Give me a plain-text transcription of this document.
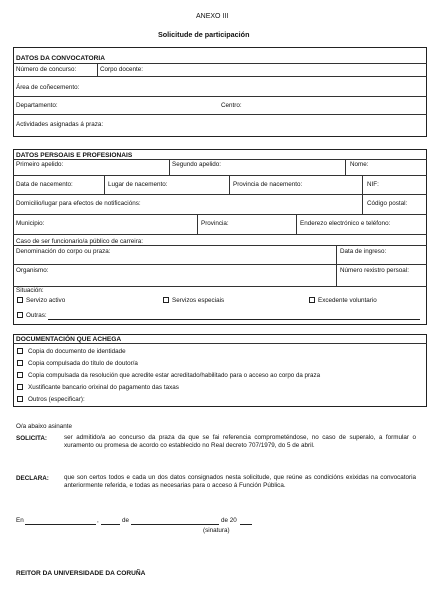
ANEXO III
Solicitude de participación
DATOS DA CONVOCATORIA
Número de concurso:	Corpo docente:
Área de coñecemento:
Departamento:	Centro:
Actividades asignadas á praza:
DATOS PERSOAIS E PROFESIONAIS
Primeiro apelido:	Segundo apelido:	Nome:
Data de nacemento:	Lugar de nacemento:	Provincia de nacemento:	NIF:
Domicilio/lugar para efectos de notificacións:	Código postal:
Municipio:	Provincia:	Enderezo electrónico e teléfono:
Caso de ser funcionario/a público de carreira:
Denominación do corpo ou praza:	Data de ingreso:
Organismo:	Número rexistro persoal:
Situación:
Servizo activo	Servizos especiais	Excedente voluntario
Outras:
DOCUMENTACIÓN QUE ACHEGA
Copia do documento de identidade
Copia compulsada do título de doutor/a
Copia compulsada da resolución que acredite estar acreditado/habilitado para o acceso ao corpo da praza
Xustificante bancario orixinal do pagamento das taxas
Outros (especificar):
O/a abaixo asinante
SOLICITA:	ser admitido/a ao concurso da praza da que se fai referencia comprometéndose, no caso de superalo, a formular o xuramento ou promesa de acordo co establecido no Real decreto 707/1979, do 5 de abril.
DECLARA: que son certos todos e cada un dos datos consignados nesta solicitude, que reúne as condicións exixidas na convocatoria anteriormente referida, e todas as necesarias para o acceso á Función Pública.
En	,	de	de 20
(sinatura)
REITOR DA UNIVERSIDADE DA CORUÑA
